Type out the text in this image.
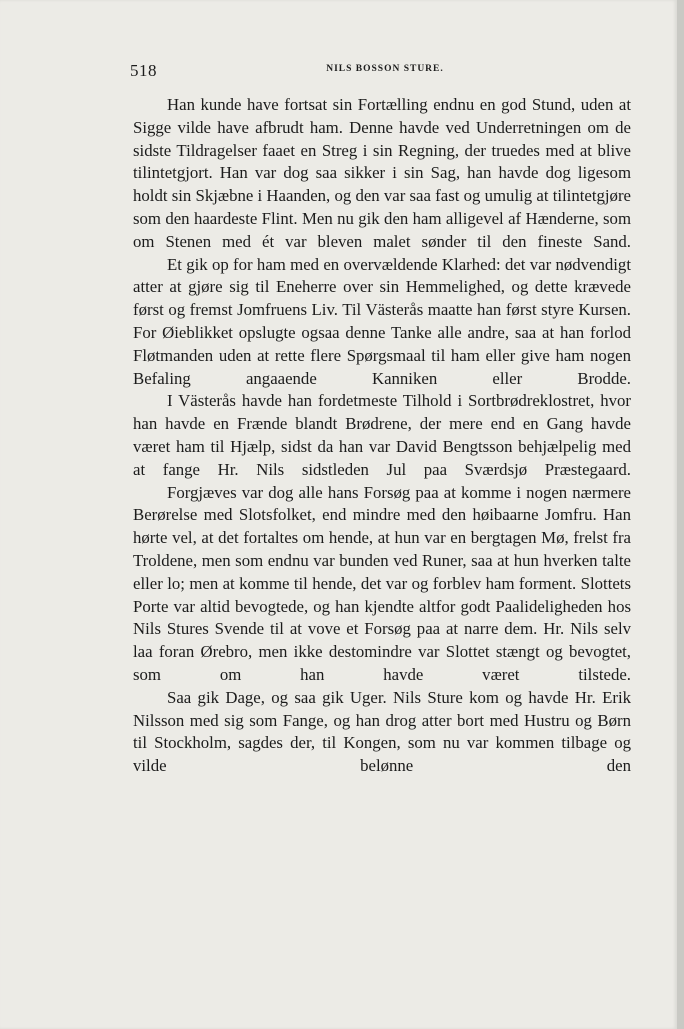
518	NILS BOSSON STURE.

Han kunde have fortsat sin Fortælling endnu en god Stund, uden at Sigge vilde have afbrudt ham. Denne havde ved Underretningen om de sidste Tildragelser faaet en Streg i sin Regning, der truedes med at blive tilintetgjort. Han var dog saa sikker i sin Sag, han havde dog ligesom holdt sin Skjæbne i Haanden, og den var saa fast og umulig at tilintetgjøre som den haardeste Flint. Men nu gik den ham alligevel af Hænderne, som om Stenen med ét var bleven malet sønder til den fineste Sand.

Et gik op for ham med en overvældende Klarhed: det var nødvendigt atter at gjøre sig til Eneherre over sin Hemmelighed, og dette krævede først og fremst Jomfruens Liv. Til Västerås maatte han først styre Kursen. For Øieblikket opslugte ogsaa denne Tanke alle andre, saa at han forlod Fløtmanden uden at rette flere Spørgsmaal til ham eller give ham nogen Befaling angaaende Kanniken eller Brodde.

I Västerås havde han fordetmeste Tilhold i Sortbrødreklostret, hvor han havde en Frænde blandt Brødrene, der mere end en Gang havde været ham til Hjælp, sidst da han var David Bengtsson behjælpelig med at fange Hr. Nils sidstleden Jul paa Sværdsjø Præstegaard.

Forgjæves var dog alle hans Forsøg paa at komme i nogen nærmere Berørelse med Slotsfolket, end mindre med den høibaarne Jomfru. Han hørte vel, at det fortaltes om hende, at hun var en bergtagen Mø, frelst fra Troldene, men som endnu var bunden ved Runer, saa at hun hverken talte eller lo; men at komme til hende, det var og forblev ham forment. Slottets Porte var altid bevogtede, og han kjendte altfor godt Paalideligheden hos Nils Stures Svende til at vove et Forsøg paa at narre dem. Hr. Nils selv laa foran Ørebro, men ikke destomindre var Slottet stængt og bevogtet, som om han havde været tilstede.

Saa gik Dage, og saa gik Uger. Nils Sture kom og havde Hr. Erik Nilsson med sig som Fange, og han drog atter bort med Hustru og Børn til Stockholm, sagdes der, til Kongen, som nu var kommen tilbage og vilde belønne den
